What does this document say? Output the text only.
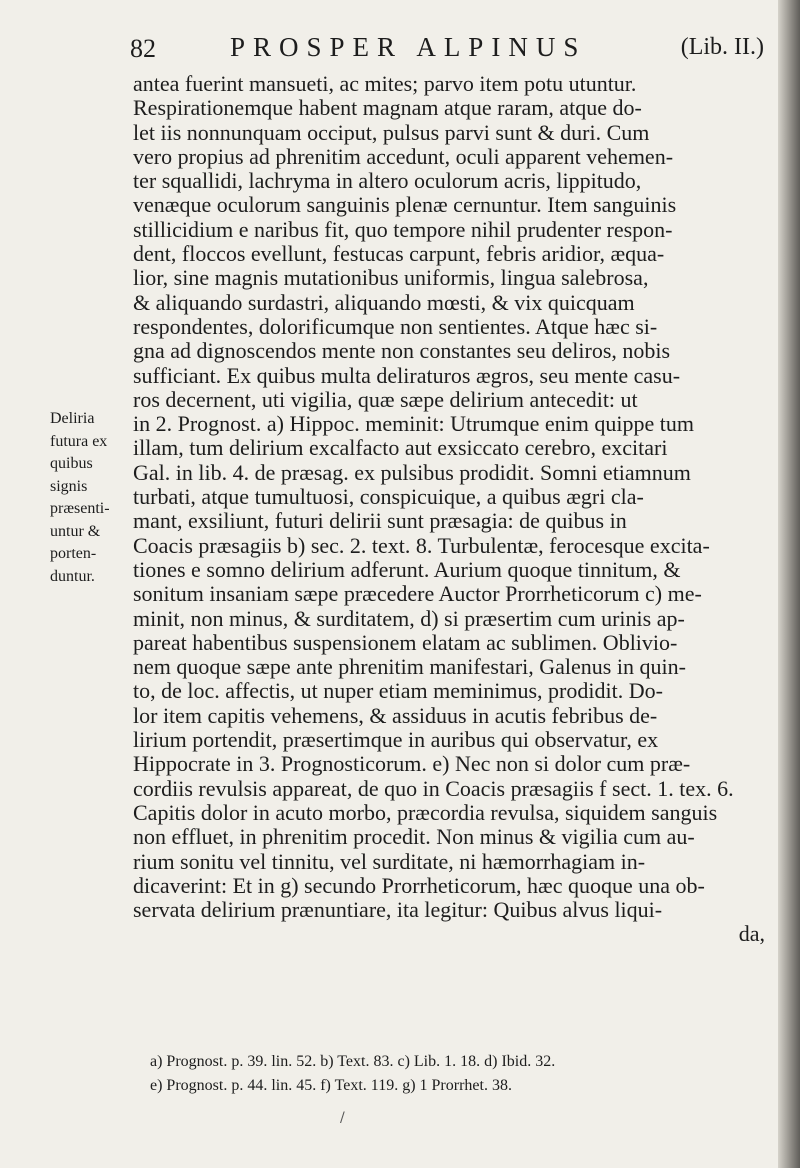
82	PROSPER ALPINUS	(Lib. II.)
Deliria
futura ex
quibus
signis
præsenti-
untur &
porten-
duntur.
antea fuerint mansueti, ac mites; parvo item potu utuntur.
Respirationemque habent magnam atque raram, atque do-
let iis nonnunquam occiput, pulsus parvi sunt & duri. Cum
vero propius ad phrenitim accedunt, oculi apparent vehemen-
ter squallidi, lachryma in altero oculorum acris, lippitudo,
venæque oculorum sanguinis plenæ cernuntur. Item sanguinis
stillicidium e naribus fit, quo tempore nihil prudenter respon-
dent, floccos evellunt, festucas carpunt, febris aridior, æqua-
lior, sine magnis mutationibus uniformis, lingua salebrosa,
& aliquando surdastri, aliquando mœsti, & vix quicquam
respondentes, dolorificumque non sentientes. Atque hæc si-
gna ad dignoscendos mente non constantes seu deliros, nobis
sufficiant. Ex quibus multa deliraturos ægros, seu mente casu-
ros decernent, uti vigilia, quæ sæpe delirium antecedit: ut
in 2. Prognost. a) Hippoc. meminit: Utrumque enim quippe tum
illam, tum delirium excalfacto aut exsiccato cerebro, excitari
Gal. in lib. 4. de præsag. ex pulsibus prodidit. Somni etiamnum
turbati, atque tumultuosi, conspicuique, a quibus ægri cla-
mant, exsiliunt, futuri delirii sunt præsagia: de quibus in
Coacis præsagiis b) sec. 2. text. 8. Turbulentæ, ferocesque excita-
tiones e somno delirium adferunt. Aurium quoque tinnitum, &
sonitum insaniam sæpe præcedere Auctor Prorrheticorum c) me-
minit, non minus, & surditatem, d) si præsertim cum urinis ap-
pareat habentibus suspensionem elatam ac sublimen. Oblivio-
nem quoque sæpe ante phrenitim manifestari, Galenus in quin-
to, de loc. affectis, ut nuper etiam meminimus, prodidit. Do-
lor item capitis vehemens, & assiduus in acutis febribus de-
lirium portendit, præsertimque in auribus qui observatur, ex
Hippocrate in 3. Prognosticorum. e) Nec non si dolor cum præ-
cordiis revulsis appareat, de quo in Coacis præsagiis f sect. 1. tex. 6.
Capitis dolor in acuto morbo, præcordia revulsa, siquidem sanguis
non effluet, in phrenitim procedit. Non minus & vigilia cum au-
rium sonitu vel tinnitu, vel surditate, ni hæmorrhagiam in-
dicaverint: Et in g) secundo Prorrheticorum, hæc quoque una ob-
servata delirium prænuntiare, ita legitur: Quibus alvus liqui-
da,
a) Prognost. p. 39. lin. 52. b) Text. 83. c) Lib. 1. 18. d) Ibid. 32.
e) Prognost. p. 44. lin. 45. f) Text. 119. g) 1 Prorrhet. 38.
/
